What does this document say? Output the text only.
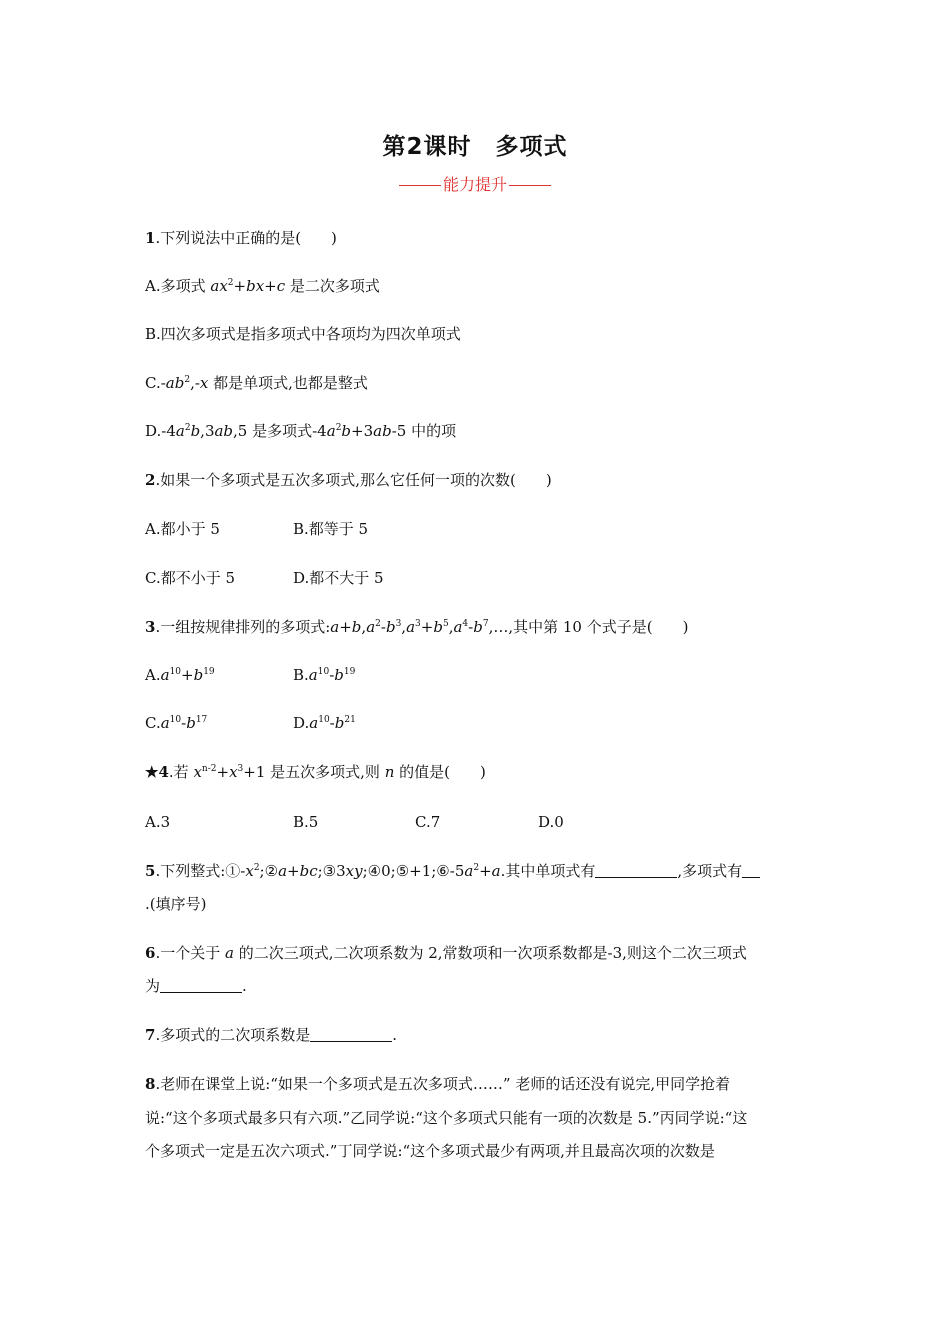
第2课时　多项式
能力提升
1.下列说法中正确的是(　　)
A.多项式 $ax^2+bx+c$ 是二次多项式
B.四次多项式是指多项式中各项均为四次单项式
$C.-ab^2,-x$ 都是单项式,也都是整式
$D.-4a^2b,3ab,5$ 是多项式$-4a^2b+3ab-5$ 中的项
2.如果一个多项式是五次多项式,那么它任何一项的次数(　　)
A.都小于 5	B.都等于 5
C.都不小于 5	D.都不大于 5
3.一组按规律排列的多项式$:a+b,a^2-b^3,a^3+b^5,a^4-b^7,\dots$,其中第 10 个式子是(　　)
$A.a^{10}+b^{19}$	$B.a^{10}-b^{19}$
$C.a^{10}-b^{17}$	$D.a^{10}-b^{21}$
★4.若 $x^{n-2}+x^3+1$ 是五次多项式,则 n 的值是(　　)
A.3	B.5	C.7	D.0
5.下列整式$:①-x^2;②a+bc;③3xy;④0;⑤+1;⑥-5a^2+a$.其中单项式有	,多项式有
.(填序号)
6.一个关于 a 的二次三项式,二次项系数为 2,常数项和一次项系数都是-3,则这个二次三项式
为	.
7.多项式的二次项系数是	.
8.老师在课堂上说:“如果一个多项式是五次多项式……” 老师的话还没有说完,甲同学抢着
说:“这个多项式最多只有六项.”乙同学说:“这个多项式只能有一项的次数是 5.”丙同学说:“这
个多项式一定是五次六项式.”丁同学说:“这个多项式最少有两项,并且最高次项的次数是
